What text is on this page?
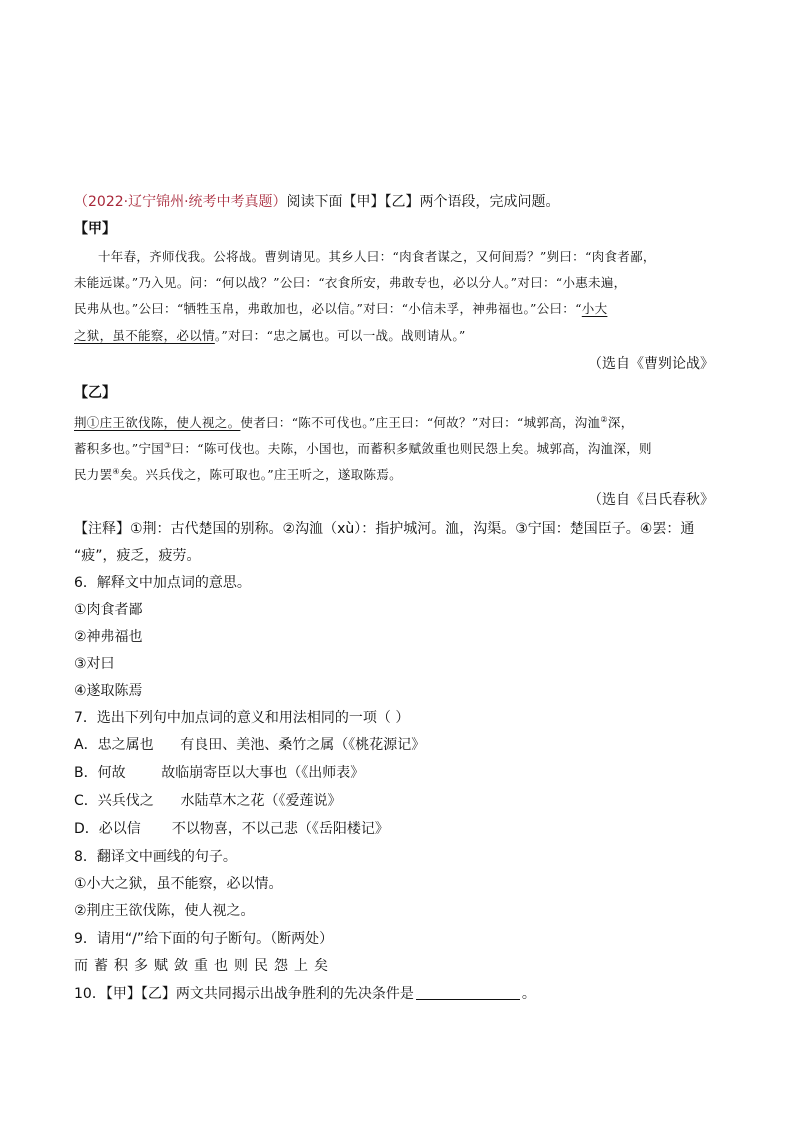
（2022·辽宁锦州·统考中考真题）阅读下面【甲】【乙】两个语段，完成问题。
【甲】
十年春，齐师伐我。公将战。曹刿请见。其乡人曰：“肉食者谋之，又何间焉？”刿曰：“肉食者鄙，
未能远谋。”乃入见。问：“何以战？”公曰：“衣食所安，弗敢专也，必以分人。”对曰：“小惠未遍，
民弗从也。”公曰：“牺牲玉帛，弗敢加也，必以信。”对曰：“小信未孚，神弗福也。”公曰：“小大
之狱，虽不能察，必以情。”对曰：“忠之属也。可以一战。战则请从。”
（选自《曹刿论战》
【乙】
荆①庄王欲伐陈，使人视之。使者曰：“陈不可伐也。”庄王曰：“何故？”对曰：“城郭高，沟洫②深，
蓄积多也。”宁国③曰：“陈可伐也。夫陈，小国也，而蓄积多赋敛重也则民怨上矣。城郭高，沟洫深，则
民力罢④矣。兴兵伐之，陈可取也。”庄王听之，遂取陈焉。
（选自《吕氏春秋》
【注释】①荆：古代楚国的别称。②沟洫（xù）：指护城河。洫，沟渠。③宁国：楚国臣子。④罢：通
“疲”，疲乏，疲劳。
6．解释文中加点词的意思。
①肉食者鄙
②神弗福也
③对曰
④遂取陈焉
7．选出下列句中加点词的意义和用法相同的一项（ ）
A．忠之属也      有良田、美池、桑竹之属（《桃花源记》
B．何故        故临崩寄臣以大事也（《出师表》
C．兴兵伐之      水陆草木之花（《爱莲说》
D．必以信       不以物喜，不以己悲（《岳阳楼记》
8．翻译文中画线的句子。
①小大之狱，虽不能察，必以情。
②荆庄王欲伐陈，使人视之。
9．请用“/”给下面的句子断句。（断两处）
而蓄积多赋敛重也则民怨上矣
10．【甲】【乙】两文共同揭示出战争胜利的先决条件是	。
